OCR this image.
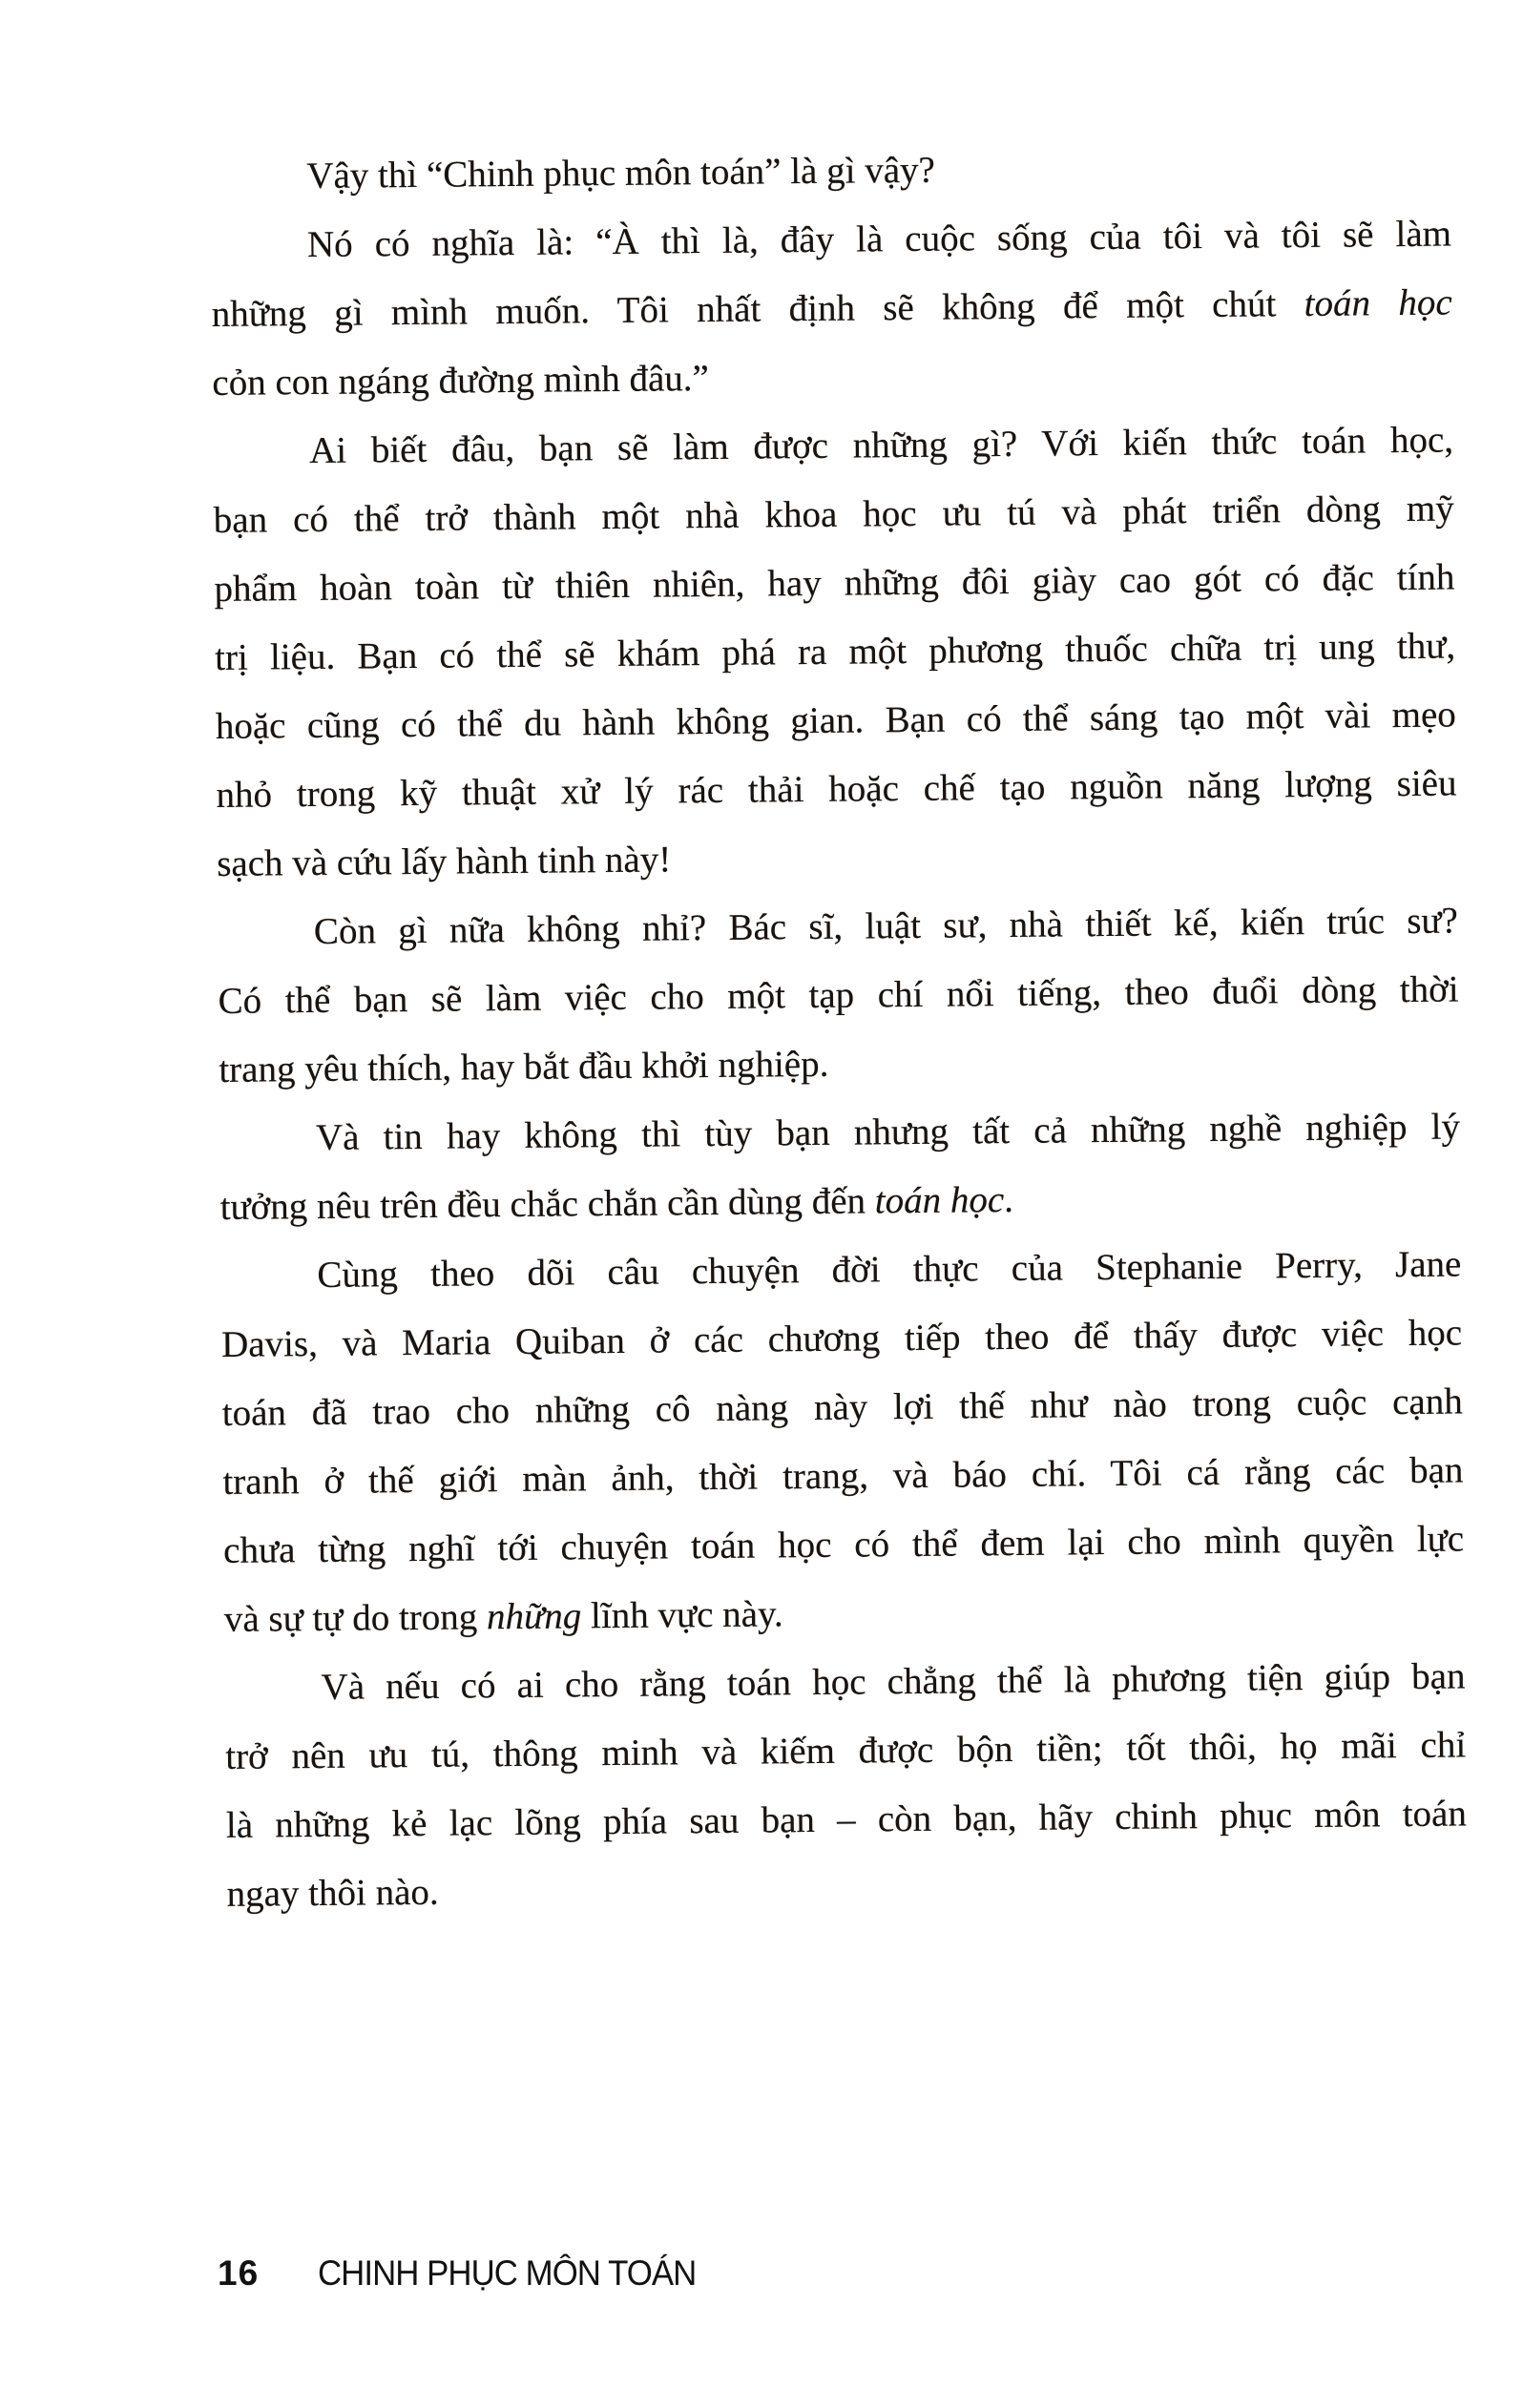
Vậy thì “Chinh phục môn toán” là gì vậy?
Nó có nghĩa là: “À thì là, đây là cuộc sống của tôi và tôi sẽ làm
những gì mình muốn. Tôi nhất định sẽ không để một chút toán học
cỏn con ngáng đường mình đâu.”
Ai biết đâu, bạn sẽ làm được những gì? Với kiến thức toán học,
bạn có thể trở thành một nhà khoa học ưu tú và phát triển dòng mỹ
phẩm hoàn toàn từ thiên nhiên, hay những đôi giày cao gót có đặc tính
trị liệu. Bạn có thể sẽ khám phá ra một phương thuốc chữa trị ung thư,
hoặc cũng có thể du hành không gian. Bạn có thể sáng tạo một vài mẹo
nhỏ trong kỹ thuật xử lý rác thải hoặc chế tạo nguồn năng lượng siêu
sạch và cứu lấy hành tinh này!
Còn gì nữa không nhỉ? Bác sĩ, luật sư, nhà thiết kế, kiến trúc sư?
Có thể bạn sẽ làm việc cho một tạp chí nổi tiếng, theo đuổi dòng thời
trang yêu thích, hay bắt đầu khởi nghiệp.
Và tin hay không thì tùy bạn nhưng tất cả những nghề nghiệp lý
tưởng nêu trên đều chắc chắn cần dùng đến toán học.
Cùng theo dõi câu chuyện đời thực của Stephanie Perry, Jane
Davis, và Maria Quiban ở các chương tiếp theo để thấy được việc học
toán đã trao cho những cô nàng này lợi thế như nào trong cuộc cạnh
tranh ở thế giới màn ảnh, thời trang, và báo chí. Tôi cá rằng các bạn
chưa từng nghĩ tới chuyện toán học có thể đem lại cho mình quyền lực
và sự tự do trong những lĩnh vực này.
Và nếu có ai cho rằng toán học chẳng thể là phương tiện giúp bạn
trở nên ưu tú, thông minh và kiếm được bộn tiền; tốt thôi, họ mãi chỉ
là những kẻ lạc lõng phía sau bạn – còn bạn, hãy chinh phục môn toán
ngay thôi nào.
16 CHINH PHỤC MÔN TOÁN
